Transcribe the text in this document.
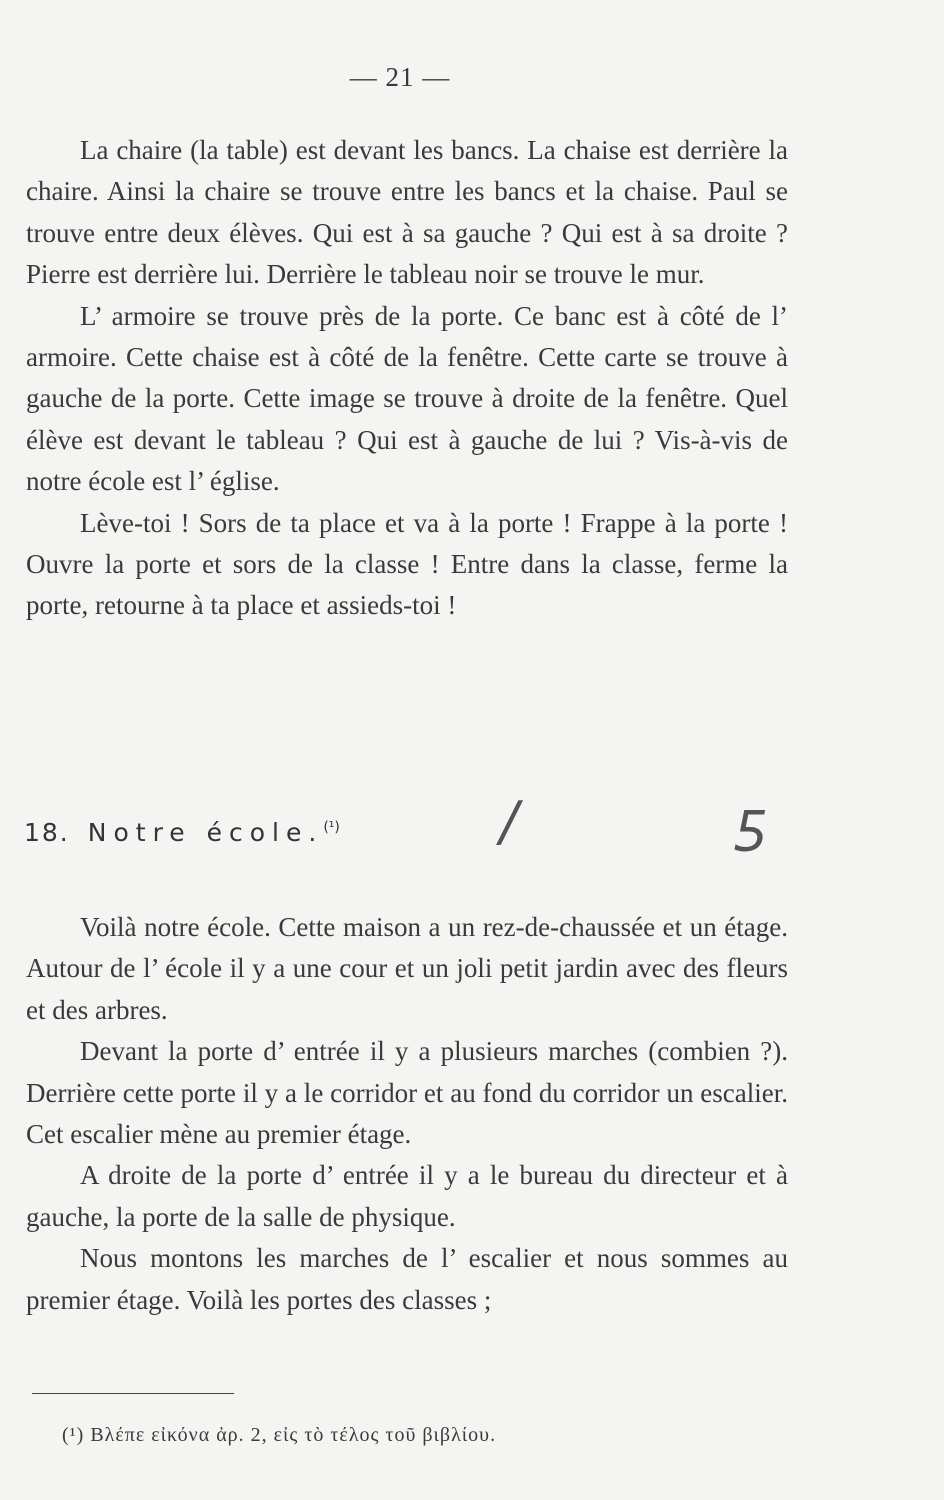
— 21 —

La chaire (la table) est devant les bancs. La chaise est derrière la chaire. Ainsi la chaire se trouve entre les bancs et la chaise. Paul se trouve entre deux élèves. Qui est à sa gauche ? Qui est à sa droite ? Pierre est derrière lui. Derrière le tableau noir se trouve le mur.

L’ armoire se trouve près de la porte. Ce banc est à côté de l’ armoire. Cette chaise est à côté de la fenêtre. Cette carte se trouve à gauche de la porte. Cette image se trouve à droite de la fenêtre. Quel élève est devant le tableau ? Qui est à gauche de lui ? Vis-à-vis de notre école est l’ église.

Lève-toi ! Sors de ta place et va à la porte ! Frappe à la porte ! Ouvre la porte et sors de la classe ! Entre dans la classe, ferme la porte, retourne à ta place et assieds-toi !

18. Notre école.$^{(^1)}$	/ ƽ

Voilà notre école. Cette maison a un rez-de-chaussée et un étage. Autour de l’ école il y a une cour et un joli petit jardin avec des fleurs et des arbres.

Devant la porte d’ entrée il y a plusieurs marches (combien ?). Derrière cette porte il y a le corridor et au fond du corridor un escalier. Cet escalier mène au premier étage.

A droite de la porte d’ entrée il y a le bureau du directeur et à gauche, la porte de la salle de physique.

Nous montons les marches de l’ escalier et nous sommes au premier étage. Voilà les portes des classes ;

(¹) Βλέπε εἰκόνα ἀρ. 2, εἰς τὸ τέλος τοῦ βιβλίου.
